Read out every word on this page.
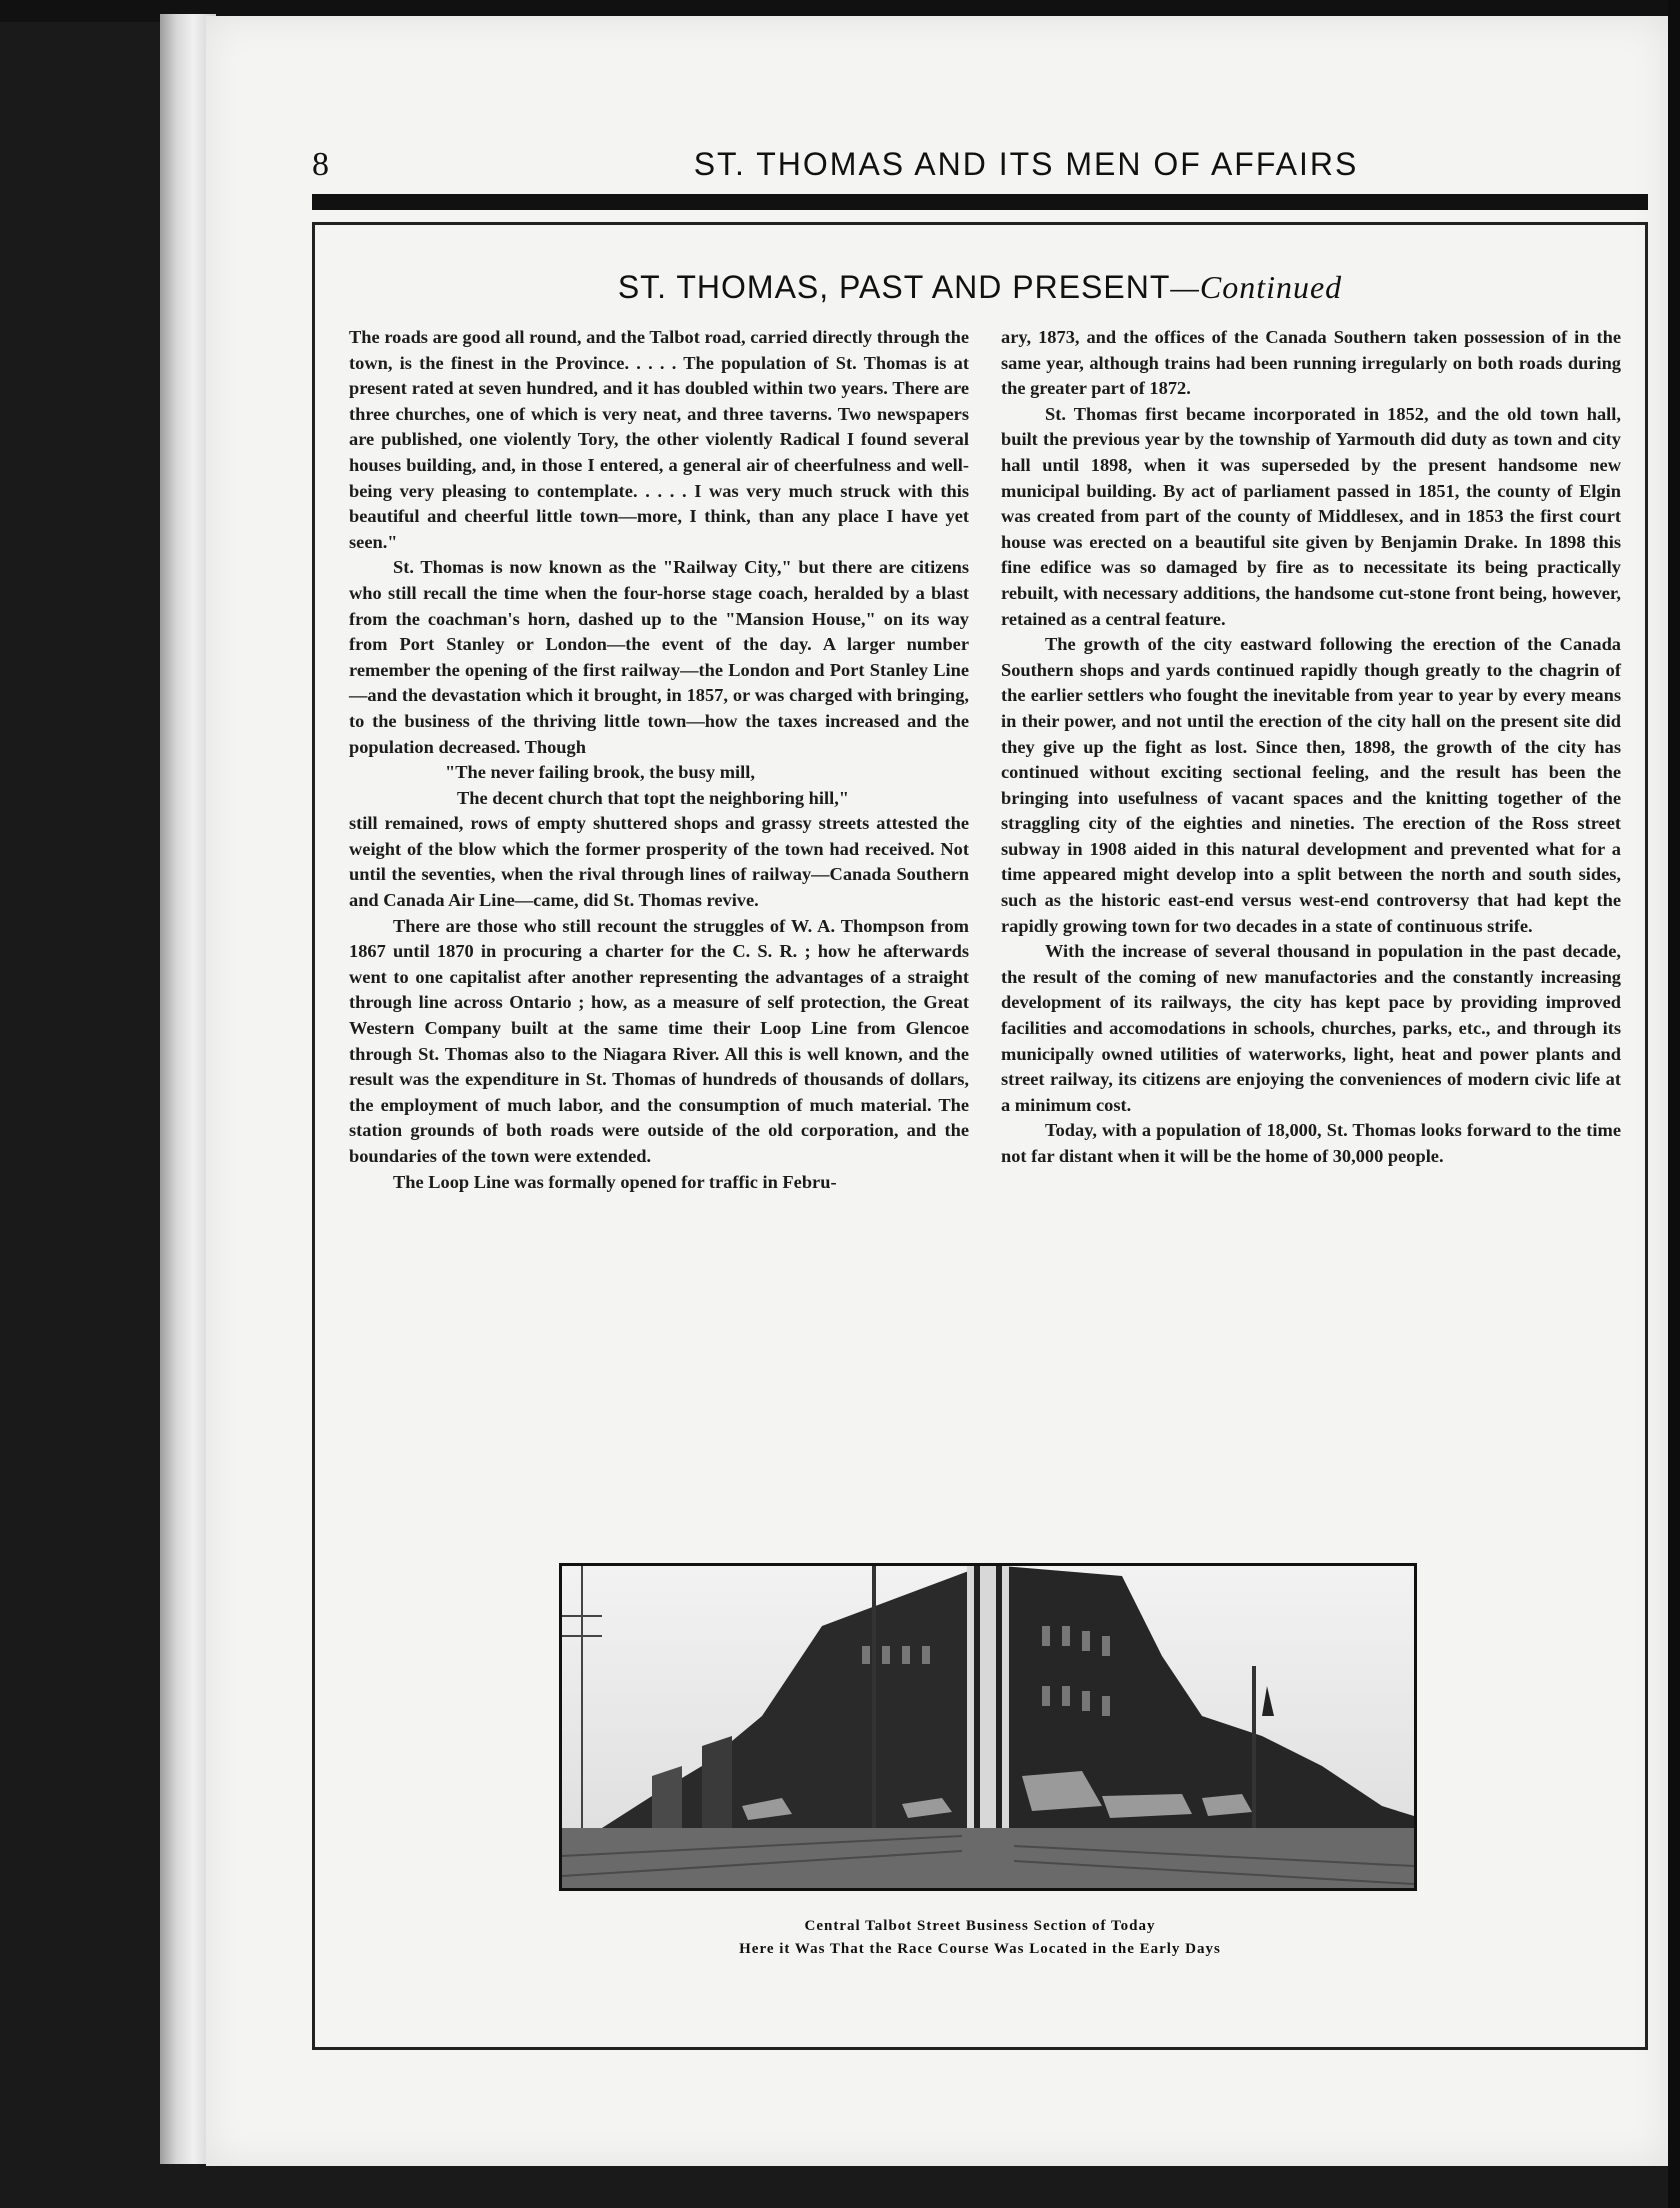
8	ST. THOMAS AND ITS MEN OF AFFAIRS
ST. THOMAS, PAST AND PRESENT—Continued

The roads are good all round, and the Talbot road, carried directly through the town, is the finest in the Province. . . . . The population of St. Thomas is at present rated at seven hundred, and it has doubled within two years. There are three churches, one of which is very neat, and three taverns. Two newspapers are published, one violently Tory, the other violently Radical I found several houses building, and, in those I entered, a general air of cheerfulness and well-being very pleasing to contemplate. . . . . I was very much struck with this beautiful and cheerful little town—more, I think, than any place I have yet seen."

St. Thomas is now known as the "Railway City," but there are citizens who still recall the time when the four-horse stage coach, heralded by a blast from the coachman's horn, dashed up to the "Mansion House," on its way from Port Stanley or London—the event of the day. A larger number remember the opening of the first railway—the London and Port Stanley Line—and the devastation which it brought, in 1857, or was charged with bringing, to the business of the thriving little town—how the taxes increased and the population decreased. Though

"The never failing brook, the busy mill,
The decent church that topt the neighboring hill,"

still remained, rows of empty shuttered shops and grassy streets attested the weight of the blow which the former prosperity of the town had received. Not until the seventies, when the rival through lines of railway—Canada Southern and Canada Air Line—came, did St. Thomas revive.

There are those who still recount the struggles of W. A. Thompson from 1867 until 1870 in procuring a charter for the C. S. R. ; how he afterwards went to one capitalist after another representing the advantages of a straight through line across Ontario ; how, as a measure of self protection, the Great Western Company built at the same time their Loop Line from Glencoe through St. Thomas also to the Niagara River. All this is well known, and the result was the expenditure in St. Thomas of hundreds of thousands of dollars, the employment of much labor, and the consumption of much material. The station grounds of both roads were outside of the old corporation, and the boundaries of the town were extended.

The Loop Line was formally opened for traffic in Febru-

ary, 1873, and the offices of the Canada Southern taken possession of in the same year, although trains had been running irregularly on both roads during the greater part of 1872.

St. Thomas first became incorporated in 1852, and the old town hall, built the previous year by the township of Yarmouth did duty as town and city hall until 1898, when it was superseded by the present handsome new municipal building. By act of parliament passed in 1851, the county of Elgin was created from part of the county of Middlesex, and in 1853 the first court house was erected on a beautiful site given by Benjamin Drake. In 1898 this fine edifice was so damaged by fire as to necessitate its being practically rebuilt, with necessary additions, the handsome cut-stone front being, however, retained as a central feature.

The growth of the city eastward following the erection of the Canada Southern shops and yards continued rapidly though greatly to the chagrin of the earlier settlers who fought the inevitable from year to year by every means in their power, and not until the erection of the city hall on the present site did they give up the fight as lost. Since then, 1898, the growth of the city has continued without exciting sectional feeling, and the result has been the bringing into usefulness of vacant spaces and the knitting together of the straggling city of the eighties and nineties. The erection of the Ross street subway in 1908 aided in this natural development and prevented what for a time appeared might develop into a split between the north and south sides, such as the historic east-end versus west-end controversy that had kept the rapidly growing town for two decades in a state of continuous strife.

With the increase of several thousand in population in the past decade, the result of the coming of new manufactories and the constantly increasing development of its railways, the city has kept pace by providing improved facilities and accomodations in schools, churches, parks, etc., and through its municipally owned utilities of waterworks, light, heat and power plants and street railway, its citizens are enjoying the conveniences of modern civic life at a minimum cost.

Today, with a population of 18,000, St. Thomas looks forward to the time not far distant when it will be the home of 30,000 people.

Central Talbot Street Business Section of Today
Here it Was That the Race Course Was Located in the Early Days
